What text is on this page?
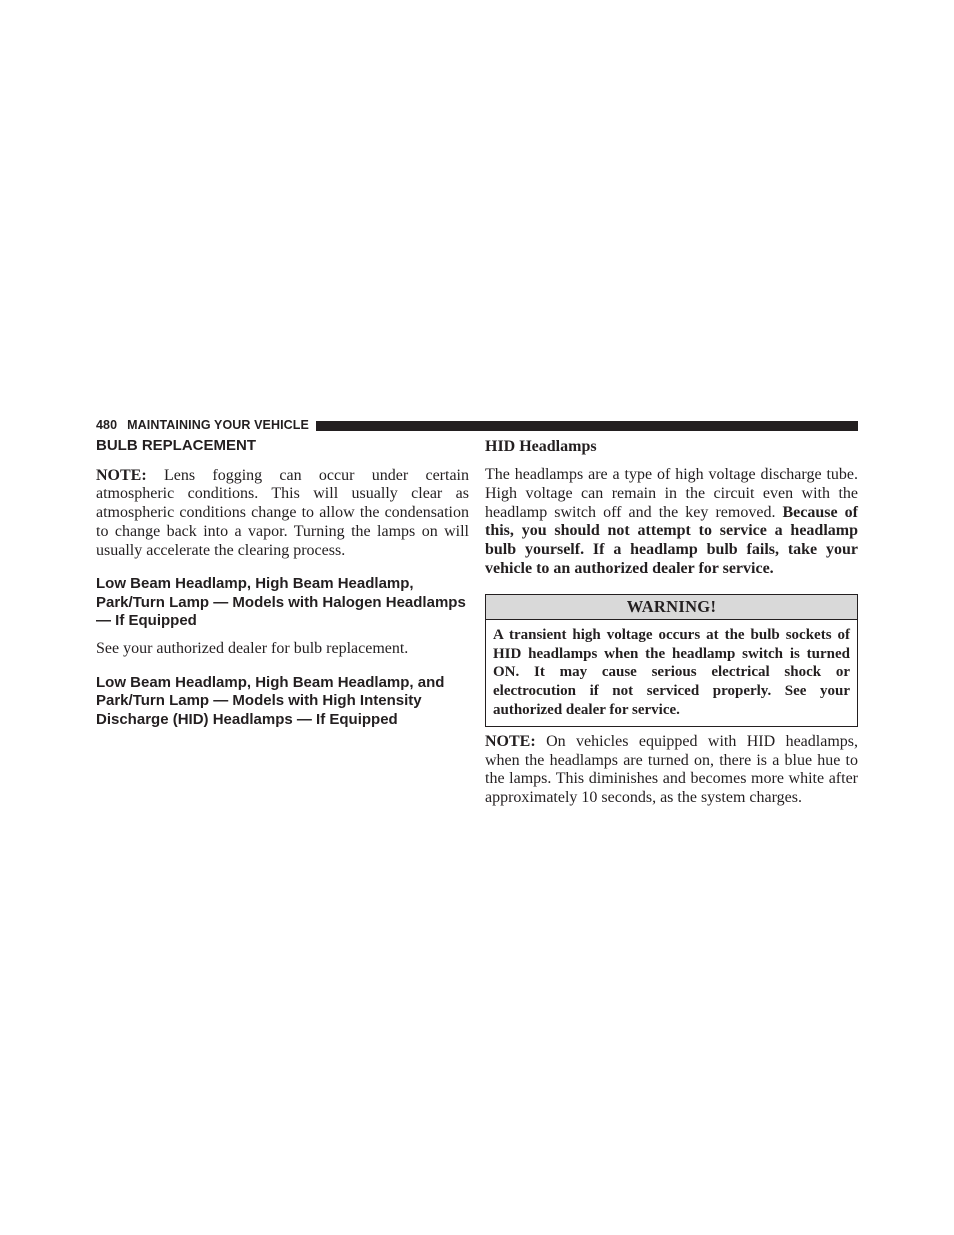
480 MAINTAINING YOUR VEHICLE
BULB REPLACEMENT

NOTE: Lens fogging can occur under certain atmospheric conditions. This will usually clear as atmospheric conditions change to allow the condensation to change back into a vapor. Turning the lamps on will usually accelerate the clearing process.

Low Beam Headlamp, High Beam Headlamp, Park/Turn Lamp — Models with Halogen Headlamps — If Equipped

See your authorized dealer for bulb replacement.

Low Beam Headlamp, High Beam Headlamp, and Park/Turn Lamp — Models with High Intensity Discharge (HID) Headlamps — If Equipped
HID Headlamps

The headlamps are a type of high voltage discharge tube. High voltage can remain in the circuit even with the headlamp switch off and the key removed. Because of this, you should not attempt to service a headlamp bulb yourself. If a headlamp bulb fails, take your vehicle to an authorized dealer for service.

WARNING!
A transient high voltage occurs at the bulb sockets of HID headlamps when the headlamp switch is turned ON. It may cause serious electrical shock or electrocution if not serviced properly. See your authorized dealer for service.

NOTE: On vehicles equipped with HID headlamps, when the headlamps are turned on, there is a blue hue to the lamps. This diminishes and becomes more white after approximately 10 seconds, as the system charges.
